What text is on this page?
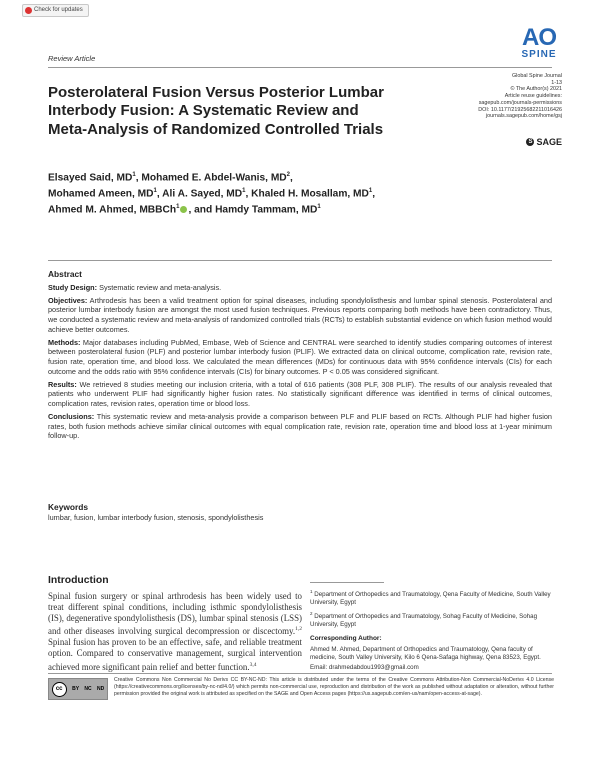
Check for updates
Review Article
AO
SPINE
Global Spine Journal
1-13
© The Author(s) 2021
Article reuse guidelines:
sagepub.com/journals-permissions
DOI: 10.1177/21925682211016426
journals.sagepub.com/home/gsj
S SAGE
Posterolateral Fusion Versus Posterior Lumbar Interbody Fusion: A Systematic Review and Meta-Analysis of Randomized Controlled Trials
Elsayed Said, $MD^1$, Mohamed E. Abdel-Wanis, $MD^2$,
Mohamed Ameen, $MD^1$, Ali A. Sayed, $MD^1$, Khaled H. Mosallam, $MD^1$,
Ahmed M. Ahmed, MBBCh$^1$ , and Hamdy Tammam, $MD^1$

Abstract

Study Design: Systematic review and meta-analysis.

Objectives: Arthrodesis has been a valid treatment option for spinal diseases, including spondylolisthesis and lumbar spinal stenosis. Posterolateral and posterior lumbar interbody fusion are amongst the most used fusion techniques. Previous reports comparing both methods have been contradictory. Thus, we conducted a systematic review and meta-analysis of randomized controlled trials (RCTs) to establish substantial evidence on which fusion method would achieve better outcomes.

Methods: Major databases including PubMed, Embase, Web of Science and CENTRAL were searched to identify studies comparing outcomes of interest between posterolateral fusion (PLF) and posterior lumbar interbody fusion (PLIF). We extracted data on clinical outcome, complication rate, revision rate, fusion rate, operation time, and blood loss. We calculated the mean differences (MDs) for continuous data with 95% confidence intervals (CIs) for each outcome and the odds ratio with 95% confidence intervals (CIs) for binary outcomes. P < 0.05 was considered significant.

Results: We retrieved 8 studies meeting our inclusion criteria, with a total of 616 patients (308 PLF, 308 PLIF). The results of our analysis revealed that patients who underwent PLIF had significantly higher fusion rates. No statistically significant difference was identified in terms of clinical outcomes, complication rates, revision rates, operation time or blood loss.

Conclusions: This systematic review and meta-analysis provide a comparison between PLF and PLIF based on RCTs. Although PLIF had higher fusion rates, both fusion methods achieve similar clinical outcomes with equal complication rate, revision rate, operation time and blood loss at 1-year minimum follow-up.

Keywords
lumbar, fusion, lumbar interbody fusion, stenosis, spondylolisthesis
Introduction
Spinal fusion surgery or spinal arthrodesis has been widely used to treat different spinal conditions, including isthmic spondylolisthesis (IS), degenerative spondylolisthesis (DS), lumbar spinal stenosis (LSS) and other diseases involving surgical decompression or discectomy.$^{1,2}$ Spinal fusion has proven to be an effective, safe, and reliable treatment option. Compared to conservative management, surgical intervention achieved more significant pain relief and better function.$^{3,4}$

$^1$ Department of Orthopedics and Traumatology, Qena Faculty of Medicine, South Valley University, Egypt

$^2$ Department of Orthopedics and Traumatology, Sohag Faculty of Medicine, Sohag University, Egypt

Corresponding Author:

Ahmed M. Ahmed, Department of Orthopedics and Traumatology, Qena faculty of medicine, South Valley University, Kilo 6 Qena-Safaga highway, Qena 83523, Egypt.

Email: drahmedabdou1993@gmail.com

cc	BY NC ND
Creative Commons Non Commercial No Derivs CC BY-NC-ND: This article is distributed under the terms of the Creative Commons Attribution-Non Commercial-NoDerivs 4.0 License (https://creativecommons.org/licenses/by-nc-nd/4.0/) which permits non-commercial use, reproduction and distribution of the work as published without adaptation or alteration, without further permission provided the original work is attributed as specified on the SAGE and Open Access pages (https://us.sagepub.com/en-us/nam/open-access-at-sage).
